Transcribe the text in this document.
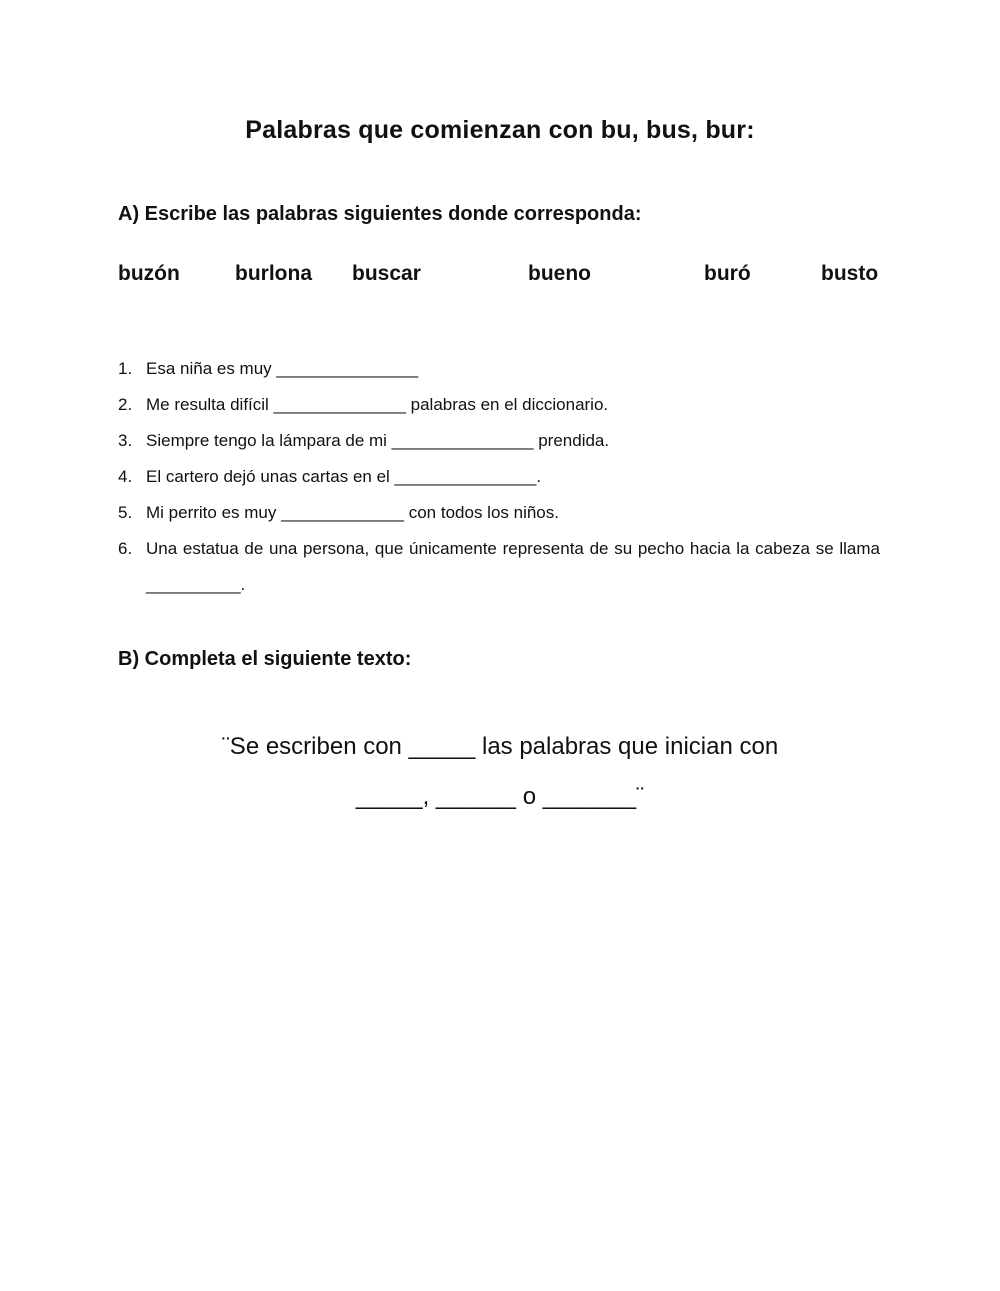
Palabras que comienzan con bu, bus, bur:
A) Escribe las palabras siguientes donde corresponda:
buzón	burlona buscar	bueno	buró	busto
1. Esa niña es muy _______________
2. Me resulta difícil ______________ palabras en el diccionario.
3. Siempre tengo la lámpara de mi _______________ prendida.
4. El cartero dejó unas cartas en el _______________.
5. Mi perrito es muy _____________ con todos los niños.
6. Una estatua de una persona, que únicamente representa de su pecho hacia la cabeza se llama __________.
B) Completa el siguiente texto:
¨Se escriben con _____ las palabras que inician con
_____, ______ o _______¨
